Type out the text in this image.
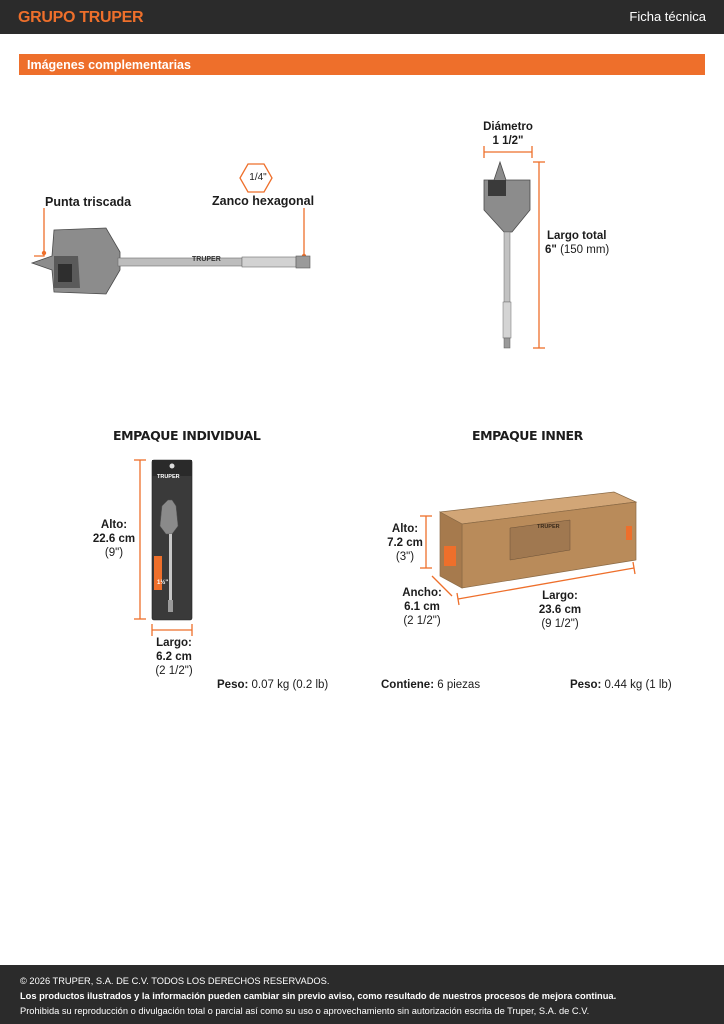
GRUPO TRUPER	Ficha técnica
Imágenes complementarias
1/4"
Punta triscada	Zanco hexagonal
TRUPER
Diámetro
1 1/2"
Largo total
6" (150 mm)
EMPAQUE INDIVIDUAL
TRUPER
1½"
Alto:
22.6 cm
(9")
Largo:
6.2 cm
(2 1/2")
Peso: 0.07 kg (0.2 lb)
EMPAQUE INNER
TRUPER
Alto:
7.2 cm
(3")
Ancho:
6.1 cm
(2 1/2")
Largo:
23.6 cm
(9 1/2")
Contiene: 6 piezas	Peso: 0.44 kg (1 lb)
© 2026 TRUPER, S.A. DE C.V. TODOS LOS DERECHOS RESERVADOS.
Los productos ilustrados y la información pueden cambiar sin previo aviso, como resultado de nuestros procesos de mejora continua.
Prohibida su reproducción o divulgación total o parcial así como su uso o aprovechamiento sin autorización escrita de Truper, S.A. de C.V.
